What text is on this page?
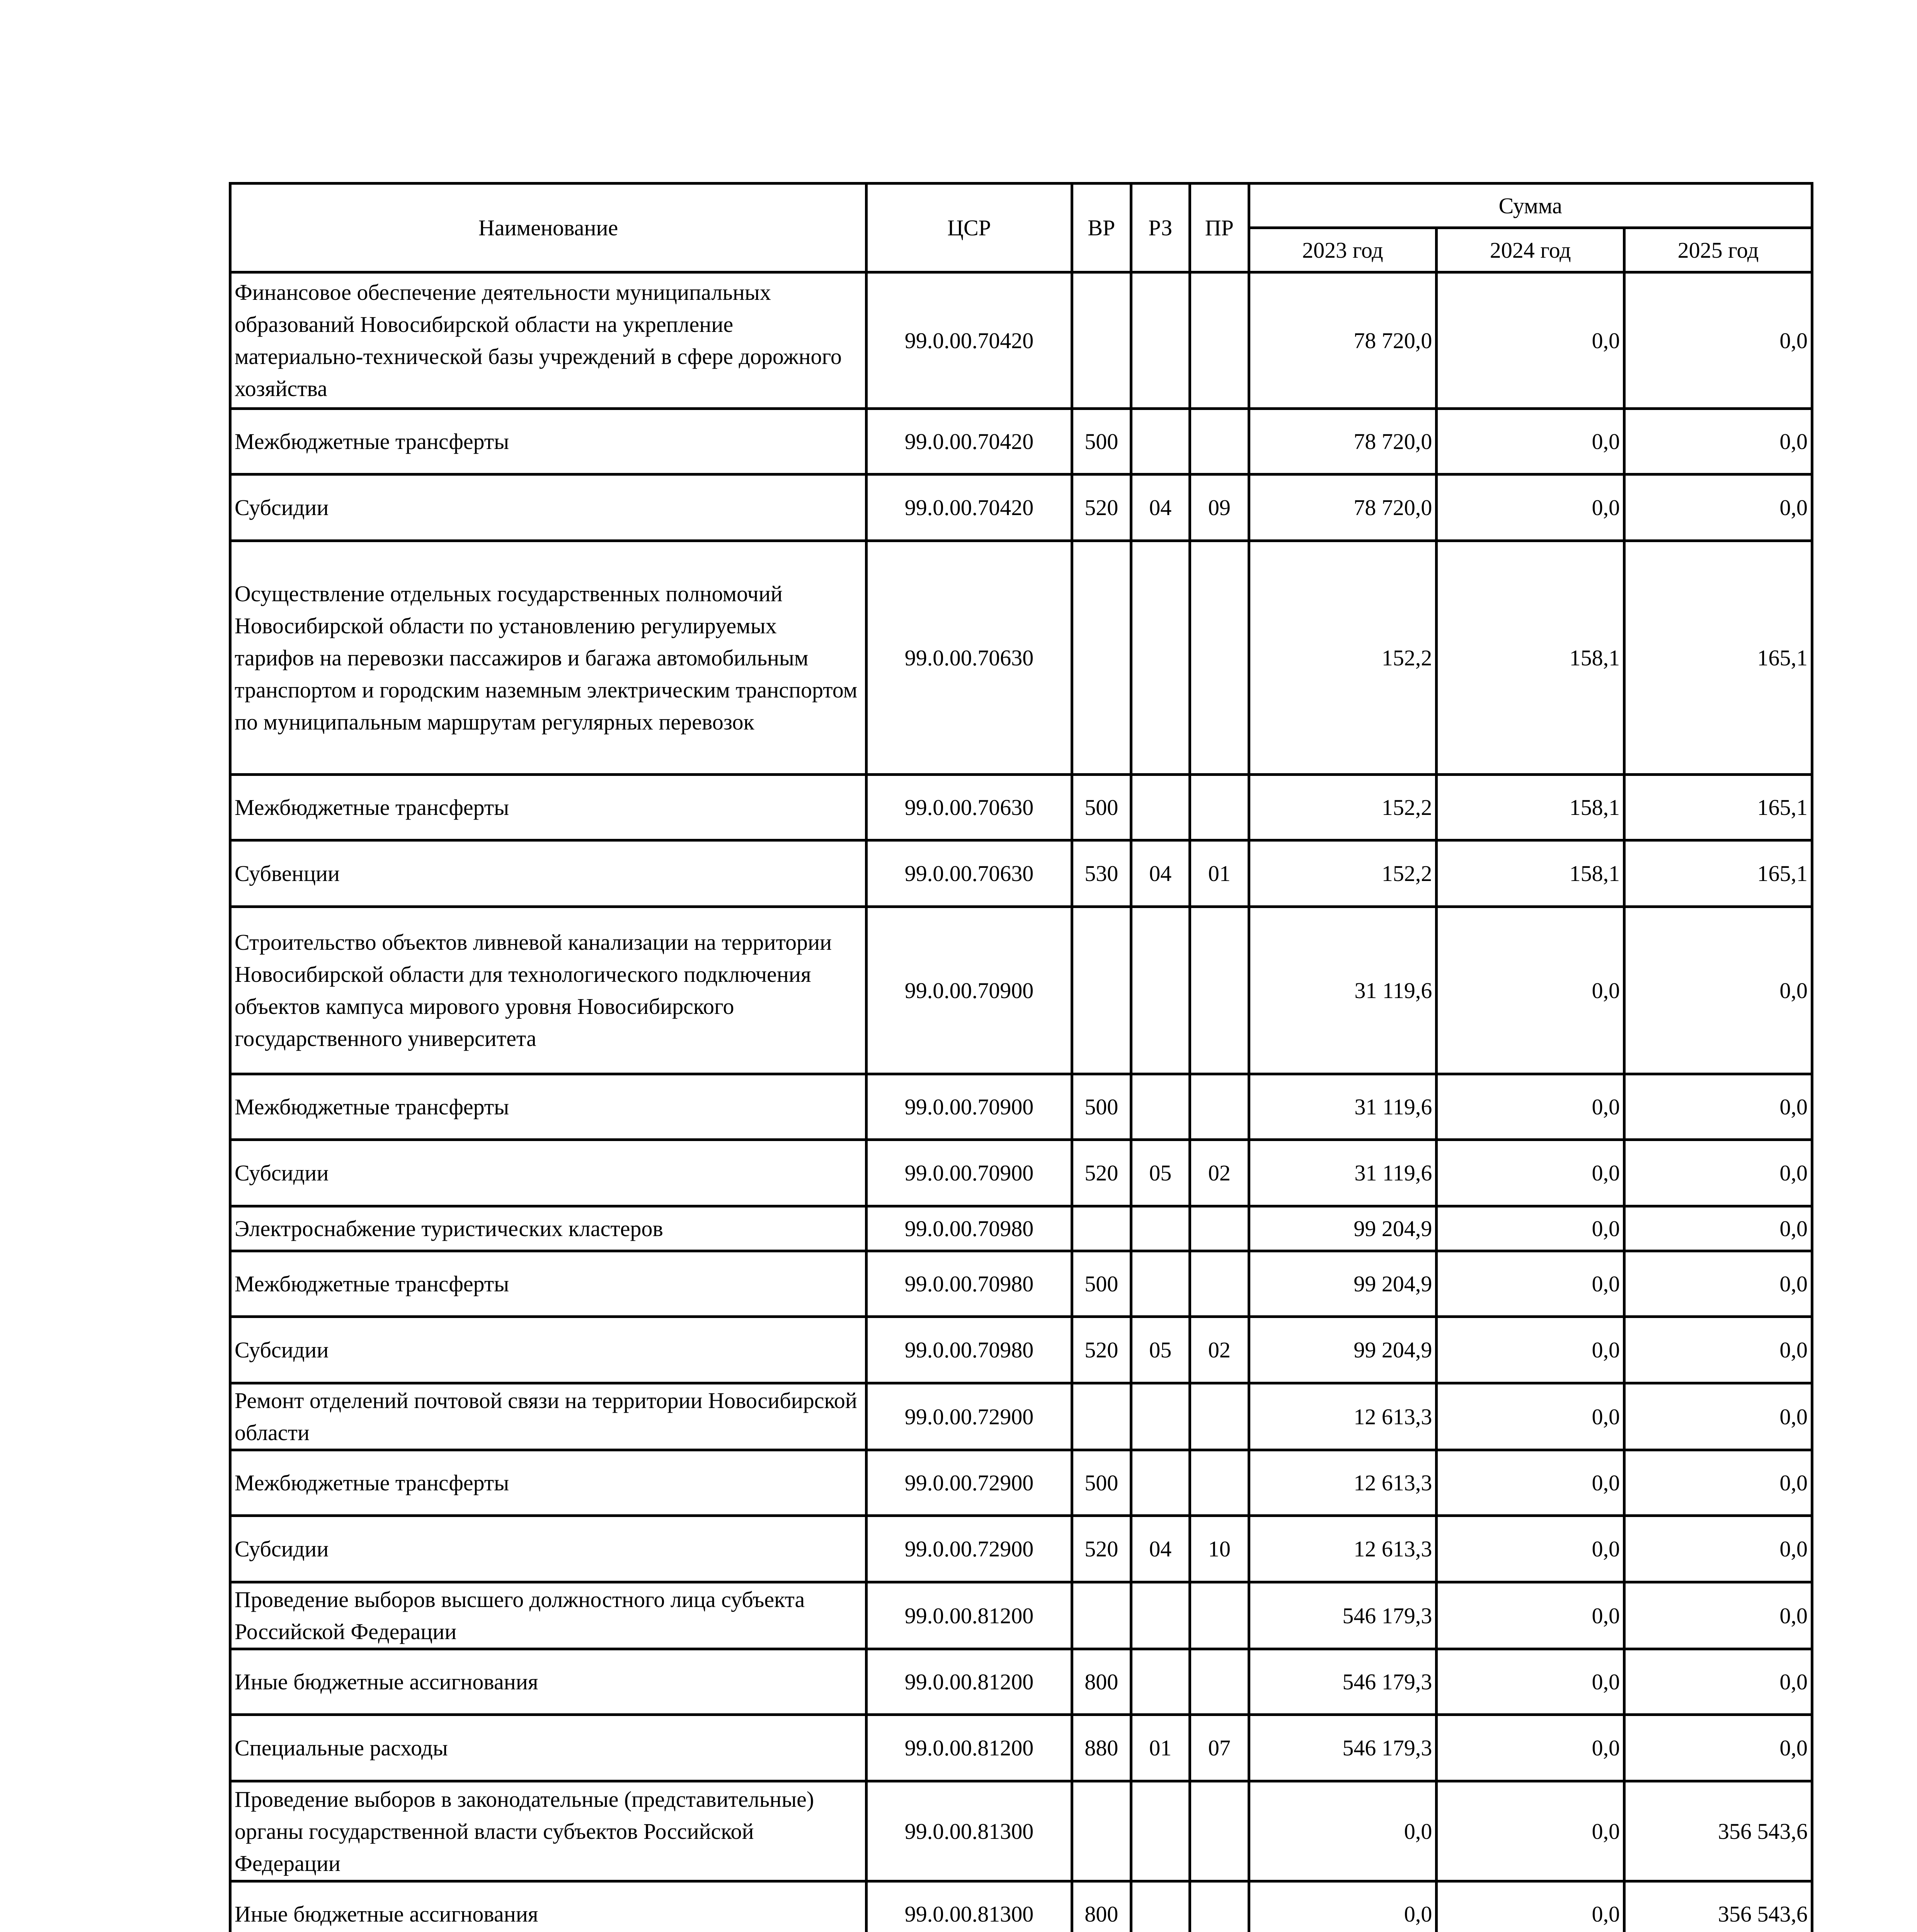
Наименование	ЦСР	ВР	РЗ	ПР	Сумма		
					2023 год	2024 год	2025 год
Финансовое обеспечение деятельности муниципальных образований Новосибирской области на укрепление материально-технической базы учреждений в сфере дорожного хозяйства	99.0.00.70420				78 720,0	0,0	0,0
Межбюджетные трансферты	99.0.00.70420	500			78 720,0	0,0	0,0
Субсидии	99.0.00.70420	520	04	09	78 720,0	0,0	0,0
Осуществление отдельных государственных полномочий Новосибирской области по установлению регулируемых тарифов на перевозки пассажиров и багажа автомобильным транспортом и городским наземным электрическим транспортом по муниципальным маршрутам регулярных перевозок	99.0.00.70630				152,2	158,1	165,1
Межбюджетные трансферты	99.0.00.70630	500			152,2	158,1	165,1
Субвенции	99.0.00.70630	530	04	01	152,2	158,1	165,1
Строительство объектов ливневой канализации на территории Новосибирской области для технологического подключения объектов кампуса мирового уровня Новосибирского государственного университета	99.0.00.70900				31 119,6	0,0	0,0
Межбюджетные трансферты	99.0.00.70900	500			31 119,6	0,0	0,0
Субсидии	99.0.00.70900	520	05	02	31 119,6	0,0	0,0
Электроснабжение туристических кластеров	99.0.00.70980				99 204,9	0,0	0,0
Межбюджетные трансферты	99.0.00.70980	500			99 204,9	0,0	0,0
Субсидии	99.0.00.70980	520	05	02	99 204,9	0,0	0,0
Ремонт отделений почтовой связи на территории Новосибирской области	99.0.00.72900				12 613,3	0,0	0,0
Межбюджетные трансферты	99.0.00.72900	500			12 613,3	0,0	0,0
Субсидии	99.0.00.72900	520	04	10	12 613,3	0,0	0,0
Проведение выборов высшего должностного лица субъекта Российской Федерации	99.0.00.81200				546 179,3	0,0	0,0
Иные бюджетные ассигнования	99.0.00.81200	800			546 179,3	0,0	0,0
Специальные расходы	99.0.00.81200	880	01	07	546 179,3	0,0	0,0
Проведение выборов в законодательные (представительные) органы государственной власти субъектов Российской Федерации	99.0.00.81300				0,0	0,0	356 543,6
Иные бюджетные ассигнования	99.0.00.81300	800			0,0	0,0	356 543,6
